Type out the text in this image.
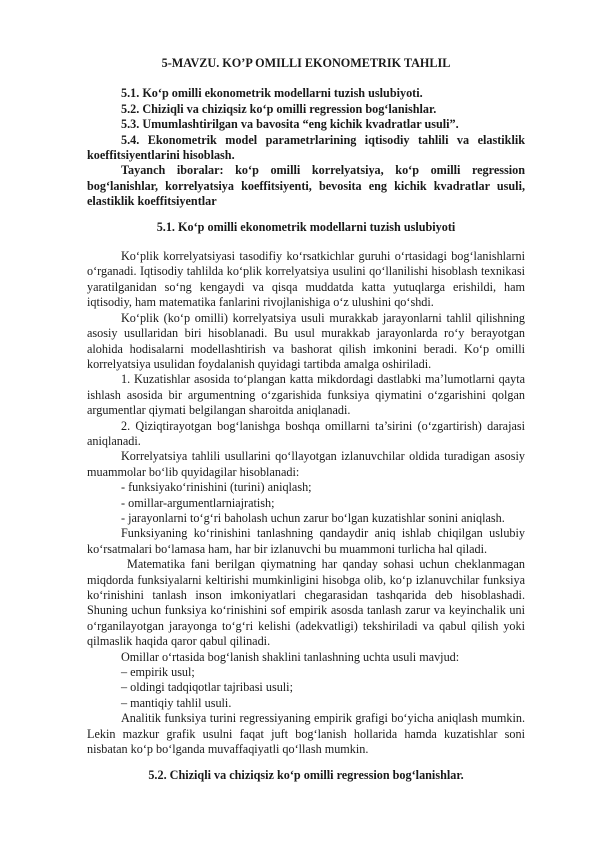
5-MAVZU. KO’P OMILLI EKONOMETRIK TAHLIL

5.1. Ko‘p omilli ekonometrik modellarni tuzish uslubiyoti.

5.2. Chiziqli va chiziqsiz ko‘p omilli regression bog‘lanishlar.

5.3. Umumlashtirilgan va bavosita “eng kichik kvadratlar usuli”.

5.4. Ekonometrik model parametrlarining iqtisodiy tahlili va elastiklik koeffitsiyentlarini hisoblash.

Tayanch iboralar: ko‘p omilli korrelyatsiya, ko‘p omilli regression bog‘lanishlar, korrelyatsiya koeffitsiyenti, bevosita eng kichik kvadratlar usuli, elastiklik koeffitsiyentlar

5.1. Ko‘p omilli ekonometrik modellarni tuzish uslubiyoti

Ko‘plik korrelyatsiyasi tasodifiy ko‘rsatkichlar guruhi o‘rtasidagi bog‘lanishlarni o‘rganadi. Iqtisodiy tahlilda ko‘plik korrelyatsiya usulini qo‘llanilishi hisoblash texnikasi yaratilganidan so‘ng kengaydi va qisqa muddatda katta yutuqlarga erishildi, ham iqtisodiy, ham matematika fanlarini rivojlanishiga o‘z ulushini qo‘shdi.

Ko‘plik (ko‘p omilli) korrelyatsiya usuli murakkab jarayonlarni tahlil qilishning asosiy usullaridan biri hisoblanadi. Bu usul murakkab jarayonlarda ro‘y berayotgan alohida hodisalarni modellashtirish va bashorat qilish imkonini beradi. Ko‘p omilli korrelyatsiya usulidan foydalanish quyidagi tartibda amalga oshiriladi.

1. Kuzatishlar asosida to‘plangan katta mikdordagi dastlabki ma’lumotlarni qayta ishlash asosida bir argumentning o‘zgarishida funksiya qiymatini o‘zgarishini qolgan argumentlar qiymati belgilangan sharoitda aniqlanadi.

2. Qiziqtirayotgan bog‘lanishga boshqa omillarni ta’sirini (o‘zgartirish) darajasi aniqlanadi.

Korrelyatsiya tahlili usullarini qo‘llayotgan izlanuvchilar oldida turadigan asosiy muammolar bo‘lib quyidagilar hisoblanadi:

- funksiyako‘rinishini (turini) aniqlash;

- omillar-argumentlarniajratish;

- jarayonlarni to‘g‘ri baholash uchun zarur bo‘lgan kuzatishlar sonini aniqlash.

Funksiyaning ko‘rinishini tanlashning qandaydir aniq ishlab chiqilgan uslubiy ko‘rsatmalari bo‘lamasa ham, har bir izlanuvchi bu muammoni turlicha hal qiladi.

Matematika fani berilgan qiymatning har qanday sohasi uchun cheklanmagan miqdorda funksiyalarni keltirishi mumkinligini hisobga olib, ko‘p izlanuvchilar funksiya ko‘rinishini tanlash inson imkoniyatlari chegarasidan tashqarida deb hisoblashadi. Shuning uchun funksiya ko‘rinishini sof empirik asosda tanlash zarur va keyinchalik uni o‘rganilayotgan jarayonga to‘g‘ri kelishi (adekvatligi) tekshiriladi va qabul qilish yoki qilmaslik haqida qaror qabul qilinadi.

Omillar o‘rtasida bog‘lanish shaklini tanlashning uchta usuli mavjud:

– empirik usul;

– oldingi tadqiqotlar tajribasi usuli;

– mantiqiy tahlil usuli.

Analitik funksiya turini regressiyaning empirik grafigi bo‘yicha aniqlash mumkin. Lekin mazkur grafik usulni faqat juft bog‘lanish hollarida hamda kuzatishlar soni nisbatan ko‘p bo‘lganda muvaffaqiyatli qo‘llash mumkin.

5.2. Chiziqli va chiziqsiz ko‘p omilli regression bog‘lanishlar.
